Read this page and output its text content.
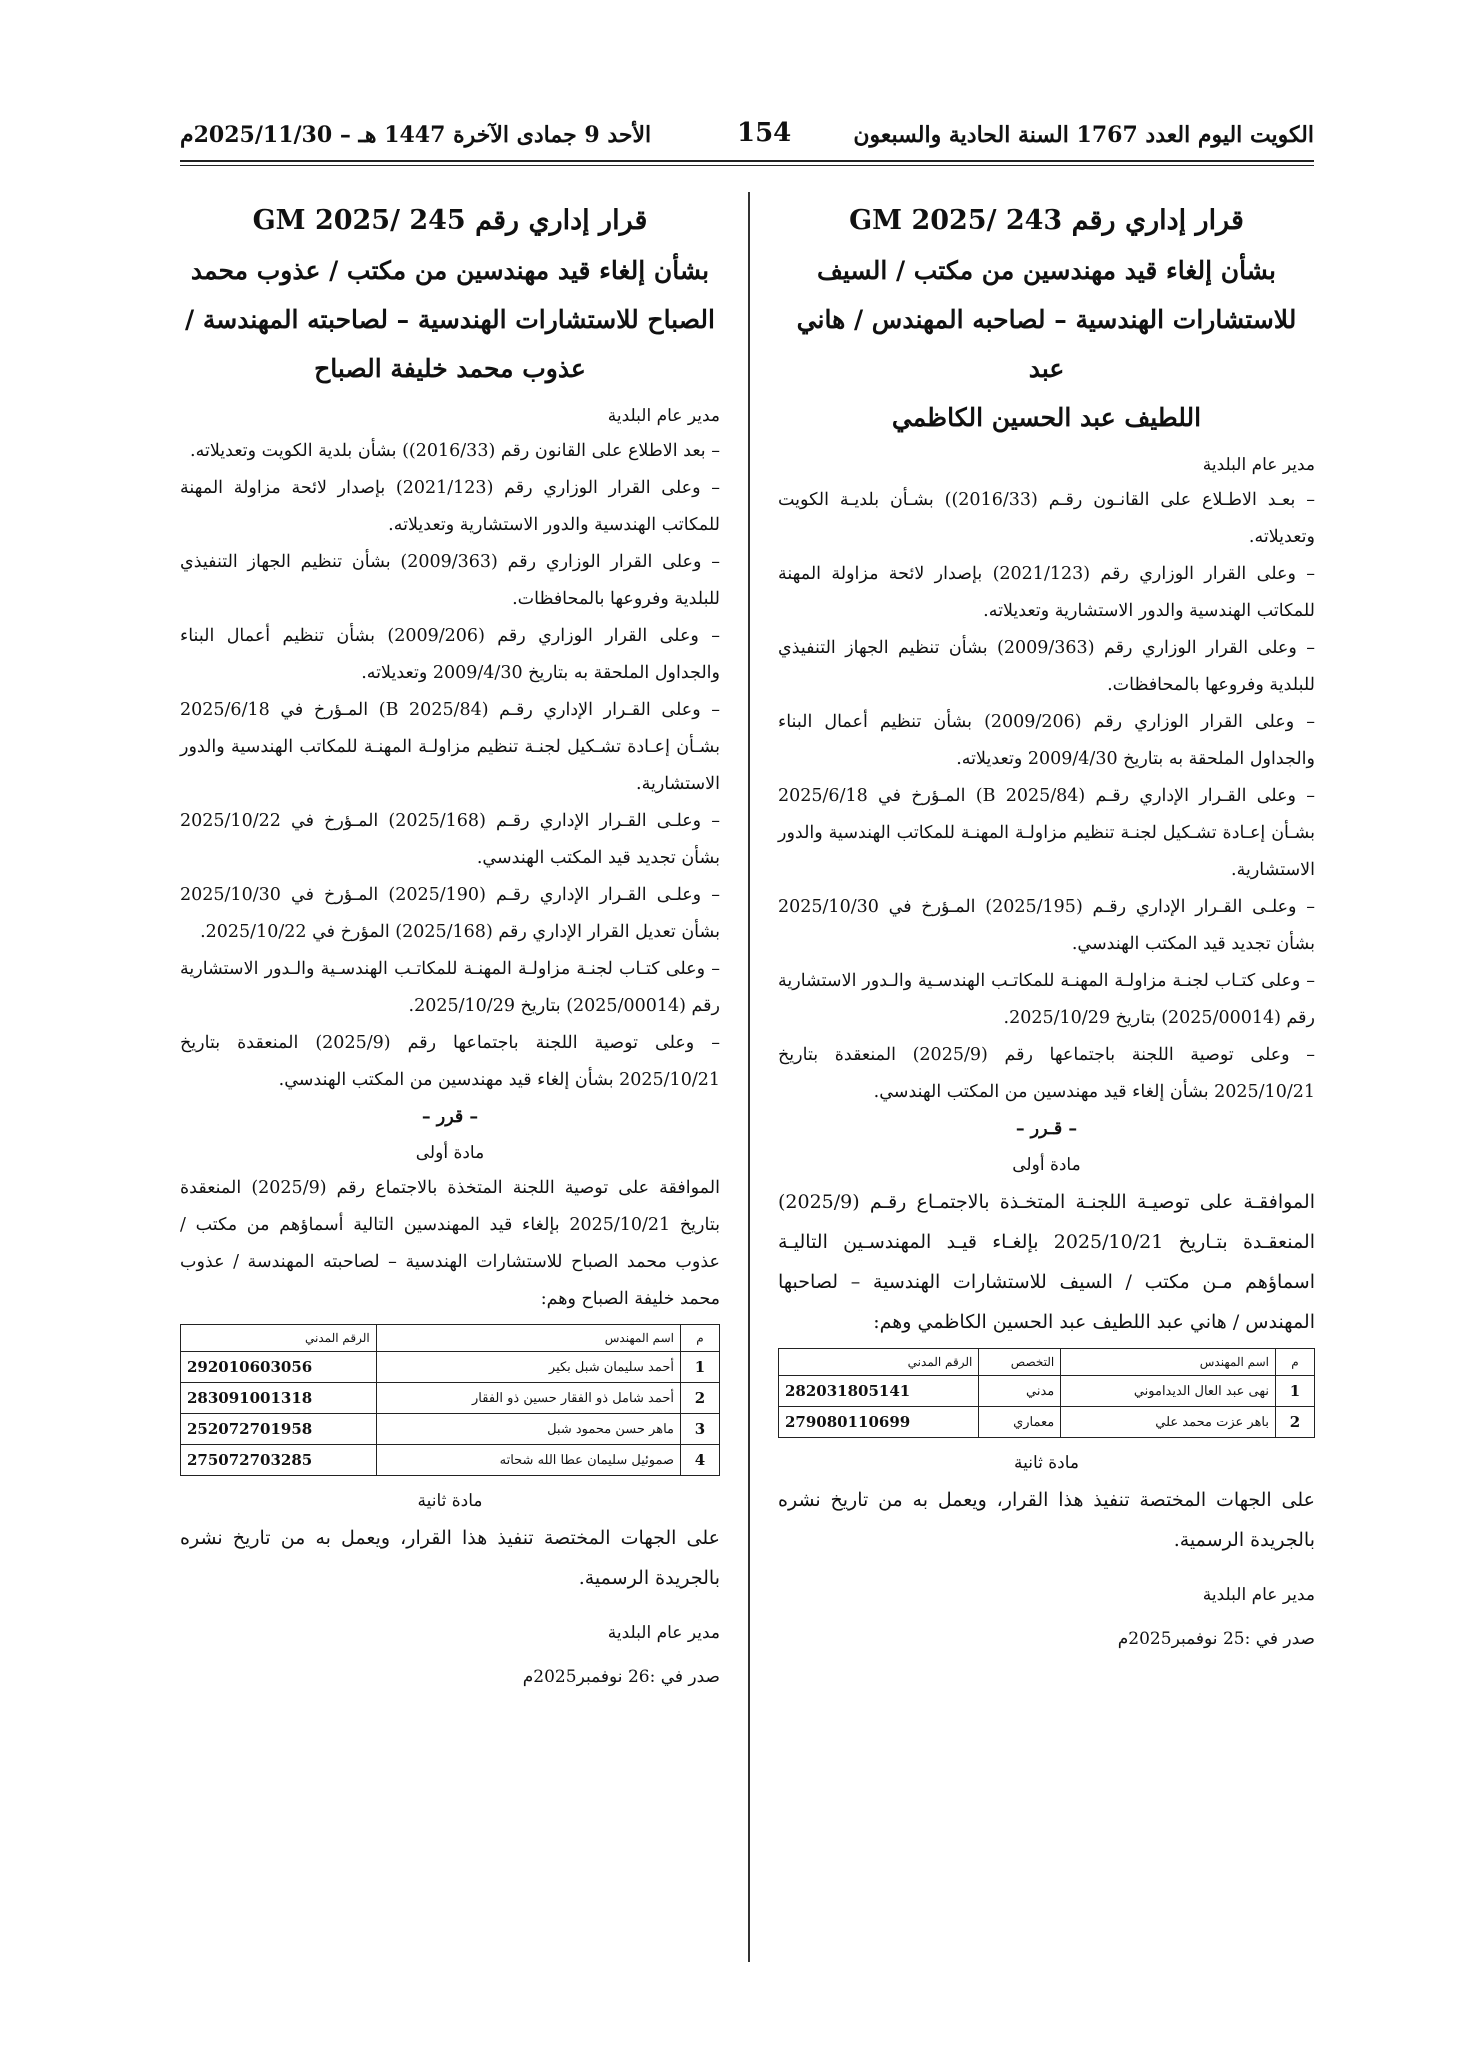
الكويت اليوم العدد 1767 السنة الحادية والسبعون
154
الأحد 9 جمادى الآخرة 1447 هـ – 2025/11/30م

قرار إداري رقم 243 /2025 GM

بشأن إلغاء قيد مهندسين من مكتب / السيف
للاستشارات الهندسية – لصاحبه المهندس / هاني عبد
اللطيف عبد الحسين الكاظمي

مدير عام البلدية

– بعـد الاطـلاع على القانـون رقـم (2016/33)) بشـأن بلديـة الكويت وتعديلاته.

– وعلى القرار الوزاري رقم (2021/123) بإصدار لائحة مزاولة المهنة للمكاتب الهندسية والدور الاستشارية وتعديلاته.

– وعلى القرار الوزاري رقم (2009/363) بشأن تنظيم الجهاز التنفيذي للبلدية وفروعها بالمحافظات.

– وعلى القرار الوزاري رقم (2009/206) بشأن تنظيم أعمال البناء والجداول الملحقة به بتاريخ 2009/4/30 وتعديلاته.

– وعلى القـرار الإداري رقـم (2025/84 B) المـؤرخ في 2025/6/18 بشـأن إعـادة تشـكيل لجنـة تنظيم مزاولـة المهنـة للمكاتب الهندسية والدور الاستشارية.

– وعلـى القـرار الإداري رقـم (2025/195) المـؤرخ في 2025/10/30 بشأن تجديد قيد المكتب الهندسي.

– وعلى كتـاب لجنـة مزاولـة المهنـة للمكاتـب الهندسـية والـدور الاستشارية رقم (2025/00014) بتاريخ 2025/10/29.

– وعلى توصية اللجنة باجتماعها رقم (2025/9) المنعقدة بتاريخ 2025/10/21 بشأن إلغاء قيد مهندسين من المكتب الهندسي.

– قـرر –

مادة أولى

الموافقـة على توصيـة اللجنـة المتخـذة بالاجتمـاع رقـم (2025/9) المنعقـدة بتـاريخ 2025/10/21 بإلغـاء قيـد المهندسـين التاليـة اسماؤهم مـن مكتب / السيف للاستشارات الهندسية – لصاحبها المهندس / هاني عبد اللطيف عبد الحسين الكاظمي وهم:

م	اسم المهندس	التخصص	الرقم المدني
1	نهى عبد العال الديداموني	مدني	282031805141
2	باهر عزت محمد علي	معماري	279080110699

مادة ثانية

على الجهات المختصة تنفيذ هذا القرار، ويعمل به من تاريخ نشره بالجريدة الرسمية.

مدير عام البلدية

صدر في :25 نوفمبر2025م

قرار إداري رقم 245 /2025 GM

بشأن إلغاء قيد مهندسين من مكتب / عذوب محمد
الصباح للاستشارات الهندسية – لصاحبته المهندسة /
عذوب محمد خليفة الصباح

مدير عام البلدية

– بعد الاطلاع على القانون رقم (2016/33)) بشأن بلدية الكويت وتعديلاته.

– وعلى القرار الوزاري رقم (2021/123) بإصدار لائحة مزاولة المهنة للمكاتب الهندسية والدور الاستشارية وتعديلاته.

– وعلى القرار الوزاري رقم (2009/363) بشأن تنظيم الجهاز التنفيذي للبلدية وفروعها بالمحافظات.

– وعلى القرار الوزاري رقم (2009/206) بشأن تنظيم أعمال البناء والجداول الملحقة به بتاريخ 2009/4/30 وتعديلاته.

– وعلى القـرار الإداري رقـم (2025/84 B) المـؤرخ في 2025/6/18 بشـأن إعـادة تشـكيل لجنـة تنظيم مزاولـة المهنـة للمكاتب الهندسية والدور الاستشارية.

– وعلـى القـرار الإداري رقـم (2025/168) المـؤرخ في 2025/10/22 بشأن تجديد قيد المكتب الهندسي.

– وعلـى القـرار الإداري رقـم (2025/190) المـؤرخ في 2025/10/30 بشأن تعديل القرار الإداري رقم (2025/168) المؤرخ في 2025/10/22.

– وعلى كتـاب لجنـة مزاولـة المهنـة للمكاتـب الهندسـية والـدور الاستشارية رقم (2025/00014) بتاريخ 2025/10/29.

– وعلى توصية اللجنة باجتماعها رقم (2025/9) المنعقدة بتاريخ 2025/10/21 بشأن إلغاء قيد مهندسين من المكتب الهندسي.

– قرر –

مادة أولى

الموافقة على توصية اللجنة المتخذة بالاجتماع رقم (2025/9) المنعقدة بتاريخ 2025/10/21 بإلغاء قيد المهندسين التالية أسماؤهم من مكتب / عذوب محمد الصباح للاستشارات الهندسية – لصاحبته المهندسة / عذوب محمد خليفة الصباح وهم:

م	اسم المهندس	الرقم المدني
1	أحمد سليمان شبل بكير	292010603056
2	أحمد شامل ذو الفقار حسين ذو الفقار	283091001318
3	ماهر حسن محمود شبل	252072701958
4	صموئيل سليمان عطا الله شحاته	275072703285

مادة ثانية

على الجهات المختصة تنفيذ هذا القرار، ويعمل به من تاريخ نشره بالجريدة الرسمية.

مدير عام البلدية

صدر في :26 نوفمبر2025م
